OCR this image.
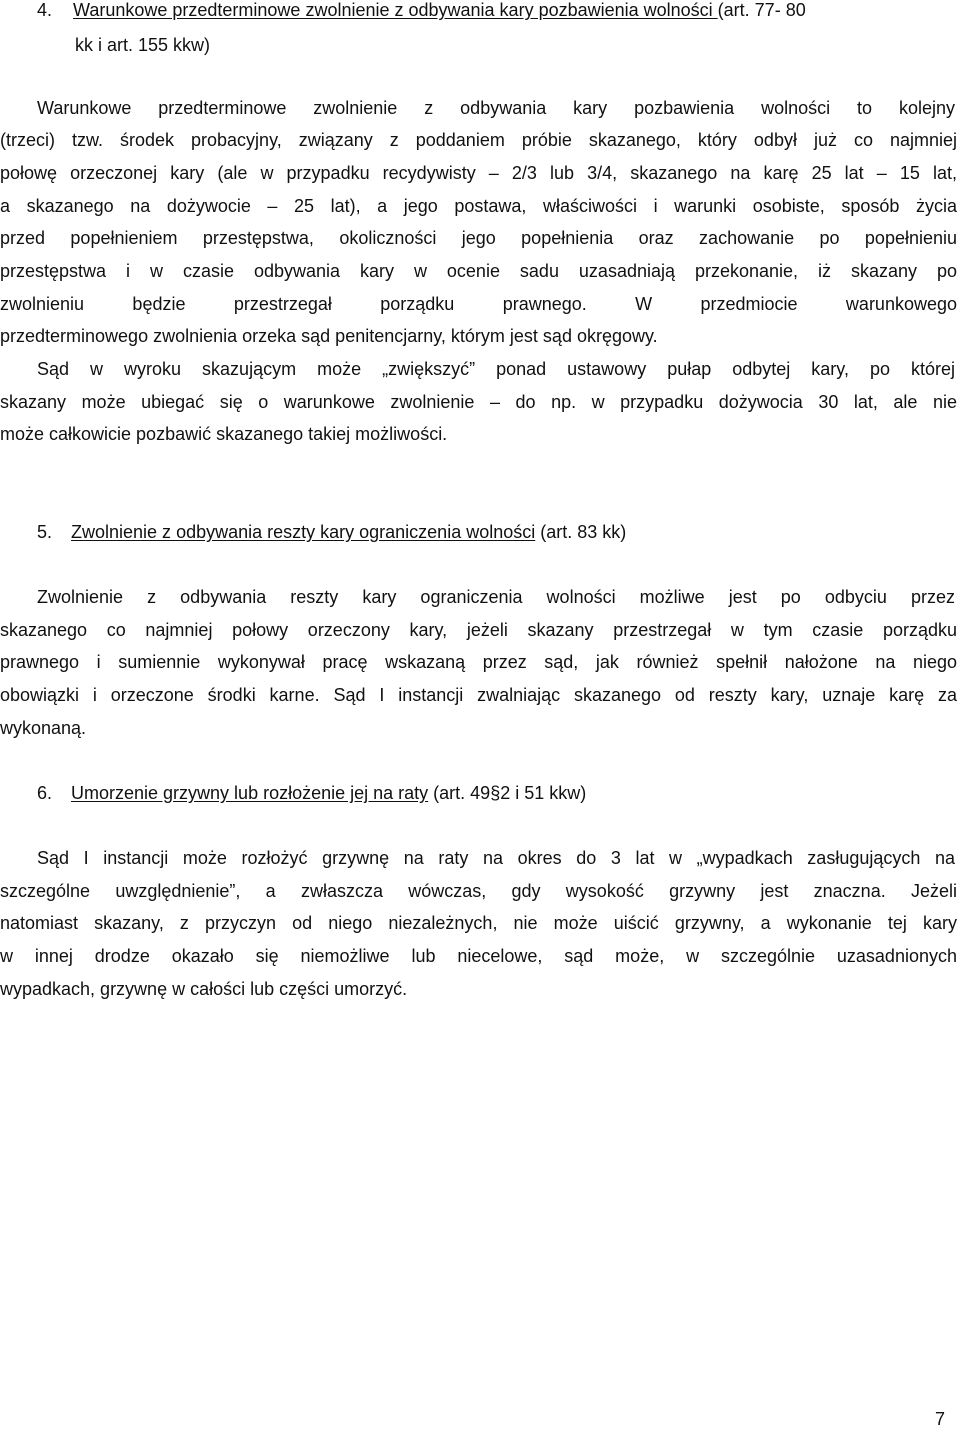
4. Warunkowe przedterminowe zwolnienie z odbywania kary pozbawienia wolności (art. 77- 80
kk i art. 155 kkw)
Warunkowe przedterminowe zwolnienie z odbywania kary pozbawienia wolności to kolejny
(trzeci) tzw. środek probacyjny, związany z poddaniem próbie skazanego, który odbył już co najmniej
połowę orzeczonej kary (ale w przypadku recydywisty – 2/3 lub 3/4, skazanego na karę 25 lat – 15 lat,
a skazanego na dożywocie – 25 lat), a jego postawa, właściwości i warunki osobiste, sposób życia
przed popełnieniem przestępstwa, okoliczności jego popełnienia oraz zachowanie po popełnieniu
przestępstwa i w czasie odbywania kary w ocenie sadu uzasadniają przekonanie, iż skazany po
zwolnieniu będzie przestrzegał porządku prawnego. W przedmiocie warunkowego
przedterminowego zwolnienia orzeka sąd penitencjarny, którym jest sąd okręgowy.
Sąd w wyroku skazującym może „zwiększyć” ponad ustawowy pułap odbytej kary, po której
skazany może ubiegać się o warunkowe zwolnienie – do np. w przypadku dożywocia 30 lat, ale nie
może całkowicie pozbawić skazanego takiej możliwości.
5. Zwolnienie z odbywania reszty kary ograniczenia wolności (art. 83 kk)
Zwolnienie z odbywania reszty kary ograniczenia wolności możliwe jest po odbyciu przez
skazanego co najmniej połowy orzeczony kary, jeżeli skazany przestrzegał w tym czasie porządku
prawnego i sumiennie wykonywał pracę wskazaną przez sąd, jak również spełnił nałożone na niego
obowiązki i orzeczone środki karne. Sąd I instancji zwalniając skazanego od reszty kary, uznaje karę za
wykonaną.
6. Umorzenie grzywny lub rozłożenie jej na raty (art. 49§2 i 51 kkw)
Sąd I instancji może rozłożyć grzywnę na raty na okres do 3 lat w „wypadkach zasługujących na
szczególne uwzględnienie”, a zwłaszcza wówczas, gdy wysokość grzywny jest znaczna. Jeżeli
natomiast skazany, z przyczyn od niego niezależnych, nie może uiścić grzywny, a wykonanie tej kary
w innej drodze okazało się niemożliwe lub niecelowe, sąd może, w szczególnie uzasadnionych
wypadkach, grzywnę w całości lub części umorzyć.
7
